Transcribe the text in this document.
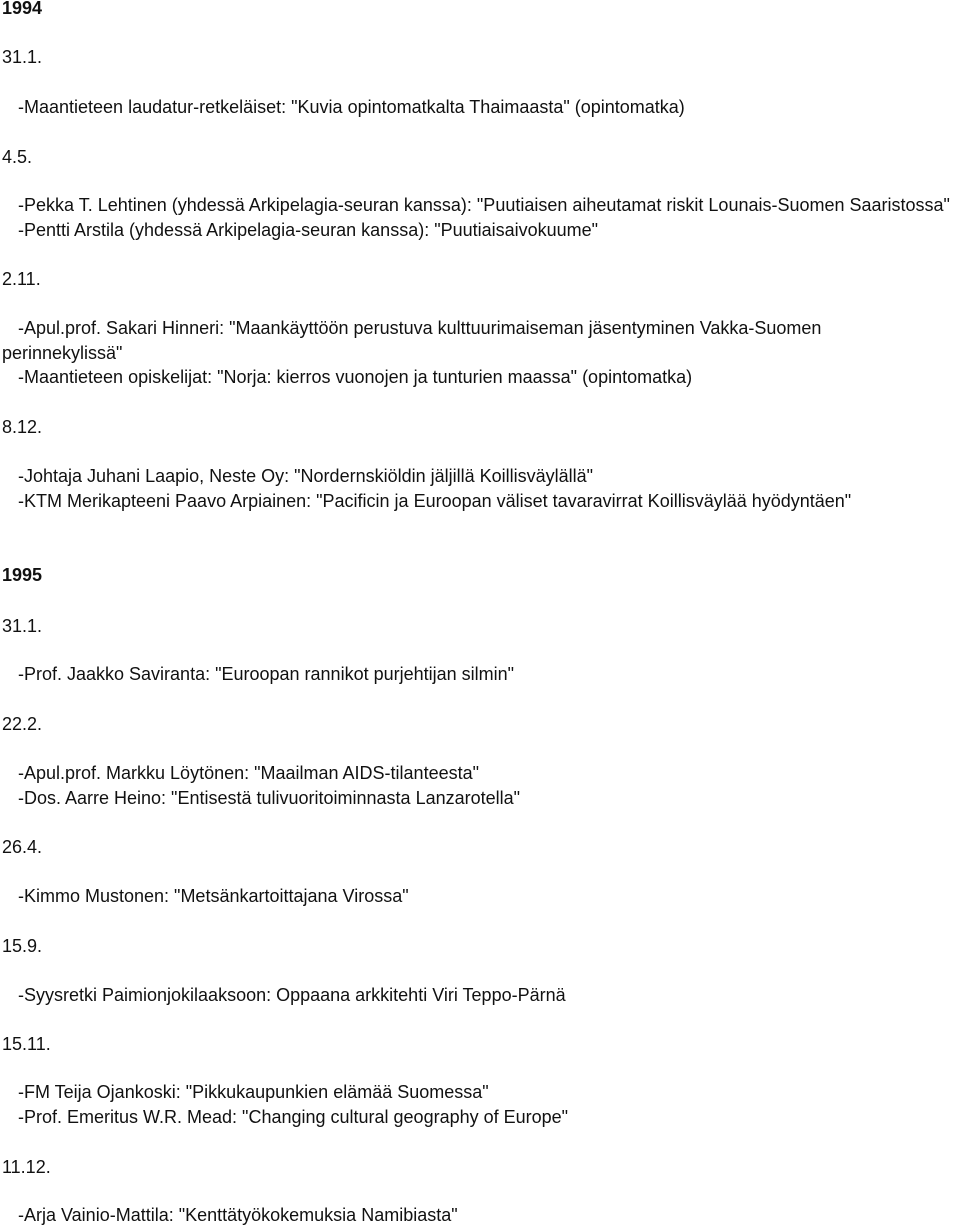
1994
31.1.
-Maantieteen laudatur-retkeläiset: "Kuvia opintomatkalta Thaimaasta" (opintomatka)
4.5.
-Pekka T. Lehtinen (yhdessä Arkipelagia-seuran kanssa): "Puutiaisen aiheutamat riskit Lounais-Suomen Saaristossa"
-Pentti Arstila (yhdessä Arkipelagia-seuran kanssa): "Puutiaisaivokuume"
2.11.
-Apul.prof. Sakari Hinneri: "Maankäyttöön perustuva kulttuurimaiseman jäsentyminen Vakka-Suomen
perinnekylissä"
-Maantieteen opiskelijat: "Norja: kierros vuonojen ja tunturien maassa" (opintomatka)
8.12.
-Johtaja Juhani Laapio, Neste Oy: "Nordernskiöldin jäljillä Koillisväylällä"
-KTM Merikapteeni Paavo Arpiainen: "Pacificin ja Euroopan väliset tavaravirrat Koillisväylää hyödyntäen"
1995
31.1.
-Prof. Jaakko Saviranta: "Euroopan rannikot purjehtijan silmin"
22.2.
-Apul.prof. Markku Löytönen: "Maailman AIDS-tilanteesta"
-Dos. Aarre Heino: "Entisestä tulivuoritoiminnasta Lanzarotella"
26.4.
-Kimmo Mustonen: "Metsänkartoittajana Virossa"
15.9.
-Syysretki Paimionjokilaaksoon: Oppaana arkkitehti Viri Teppo-Pärnä
15.11.
-FM Teija Ojankoski: "Pikkukaupunkien elämää Suomessa"
-Prof. Emeritus W.R. Mead: "Changing cultural geography of Europe"
11.12.
-Arja Vainio-Mattila: "Kenttätyökokemuksia Namibiasta"
